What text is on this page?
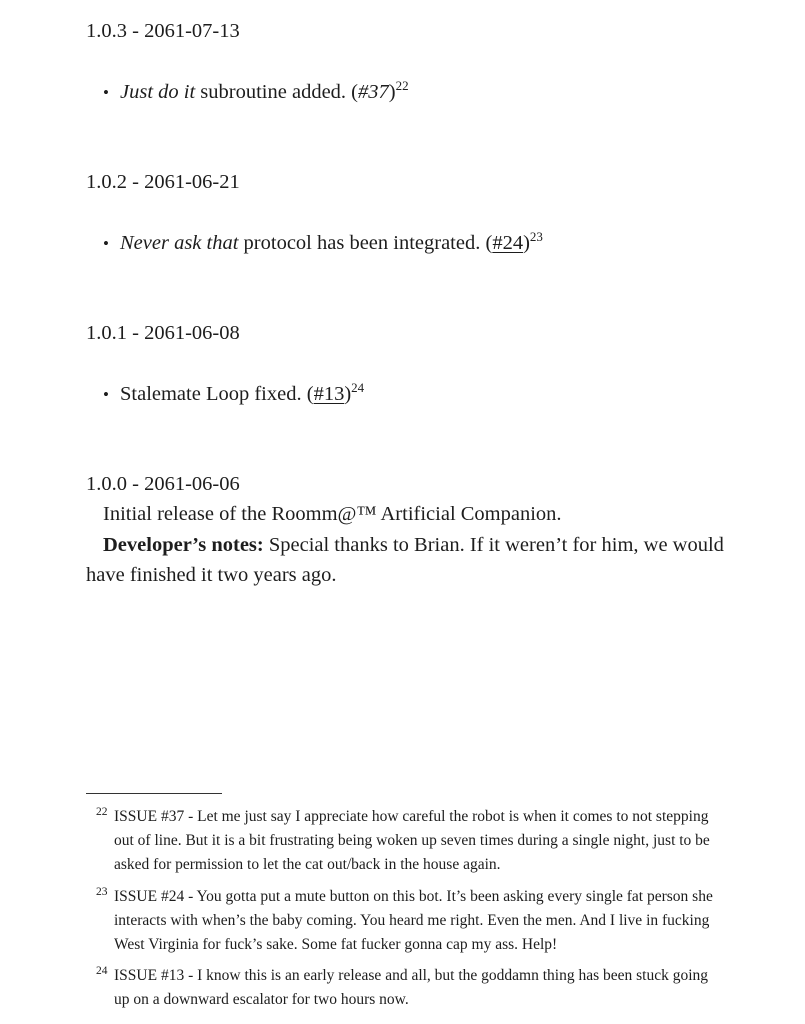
1.0.3 - 2061-07-13
• Just do it subroutine added. (#37)$^{22}$
1.0.2 - 2061-06-21
• Never ask that protocol has been integrated. (#24)$^{23}$
1.0.1 - 2061-06-08
• Stalemate Loop fixed. (#13)$^{24}$
1.0.0 - 2061-06-06
Initial release of the Roomm@™ Artificial Companion.
Developer’s notes: Special thanks to Brian. If it weren’t for him, we would have finished it two years ago.
22 ISSUE #37 - Let me just say I appreciate how careful the robot is when it comes to not stepping out of line. But it is a bit frustrating being woken up seven times during a single night, just to be asked for permission to let the cat out/back in the house again.
23 ISSUE #24 - You gotta put a mute button on this bot. It’s been asking every single fat person she interacts with when’s the baby coming. You heard me right. Even the men. And I live in fucking West Virginia for fuck’s sake. Some fat fucker gonna cap my ass. Help!
24 ISSUE #13 - I know this is an early release and all, but the goddamn thing has been stuck going up on a downward escalator for two hours now.
